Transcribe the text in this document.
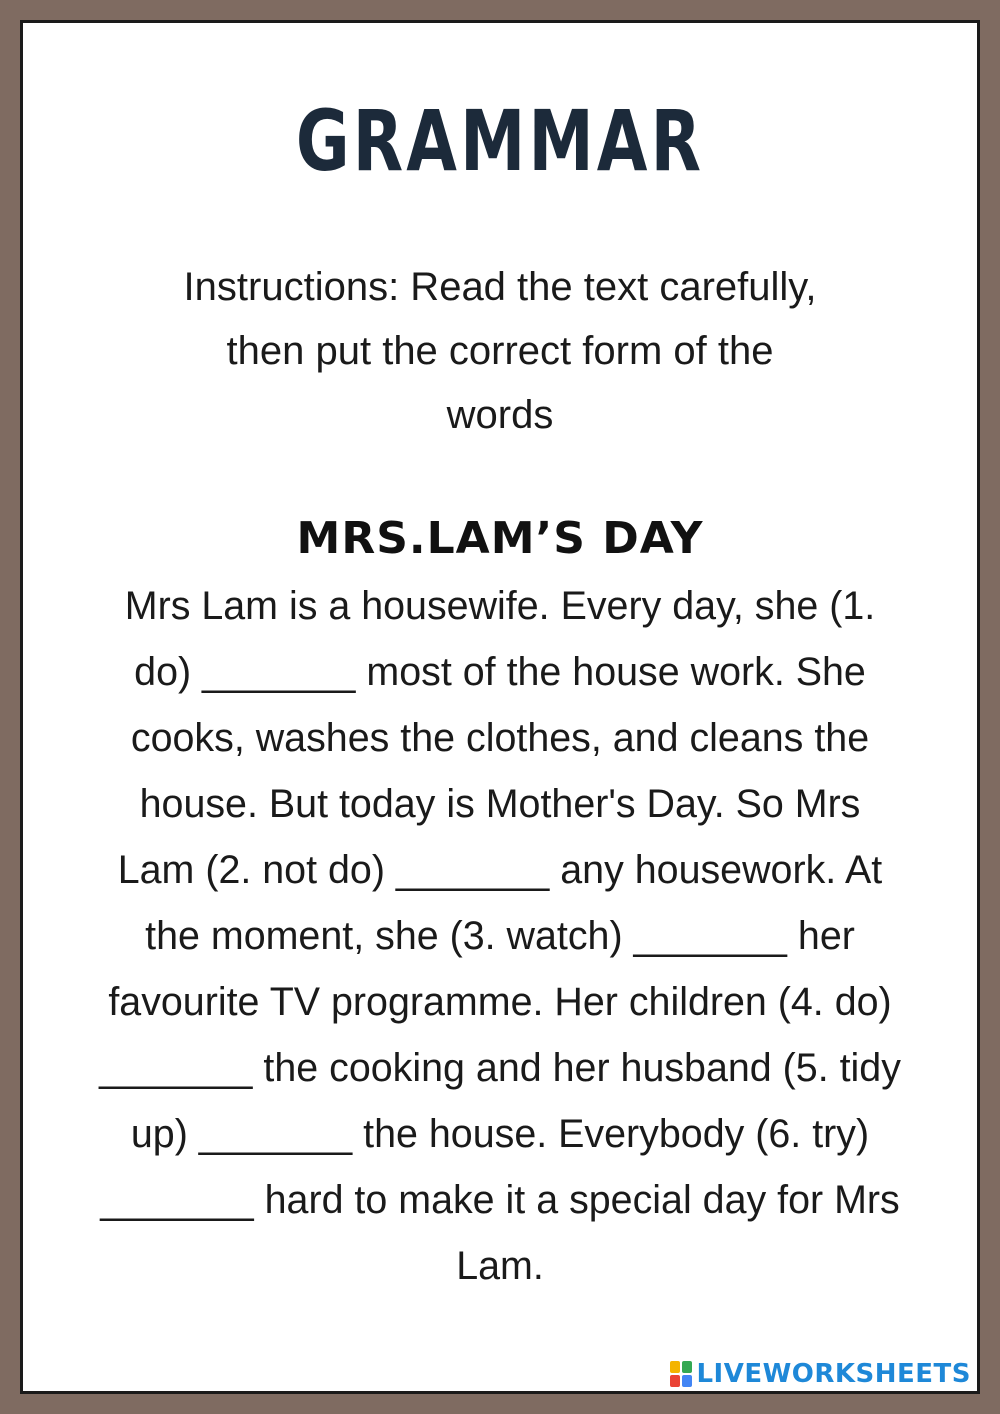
GRAMMAR
Instructions: Read the text carefully,
then put the correct form of the
words
MRS.LAM’S DAY
Mrs Lam is a housewife. Every day, she (1.
do) _______ most of the house work. She
cooks, washes the clothes, and cleans the
house. But today is Mother's Day. So Mrs
Lam (2. not do) _______ any housework. At
the moment, she (3. watch) _______ her
favourite TV programme. Her children (4. do)
_______ the cooking and her husband (5. tidy
up) _______ the house. Everybody (6. try)
_______ hard to make it a special day for Mrs
Lam.
LIVEWORKSHEETS
